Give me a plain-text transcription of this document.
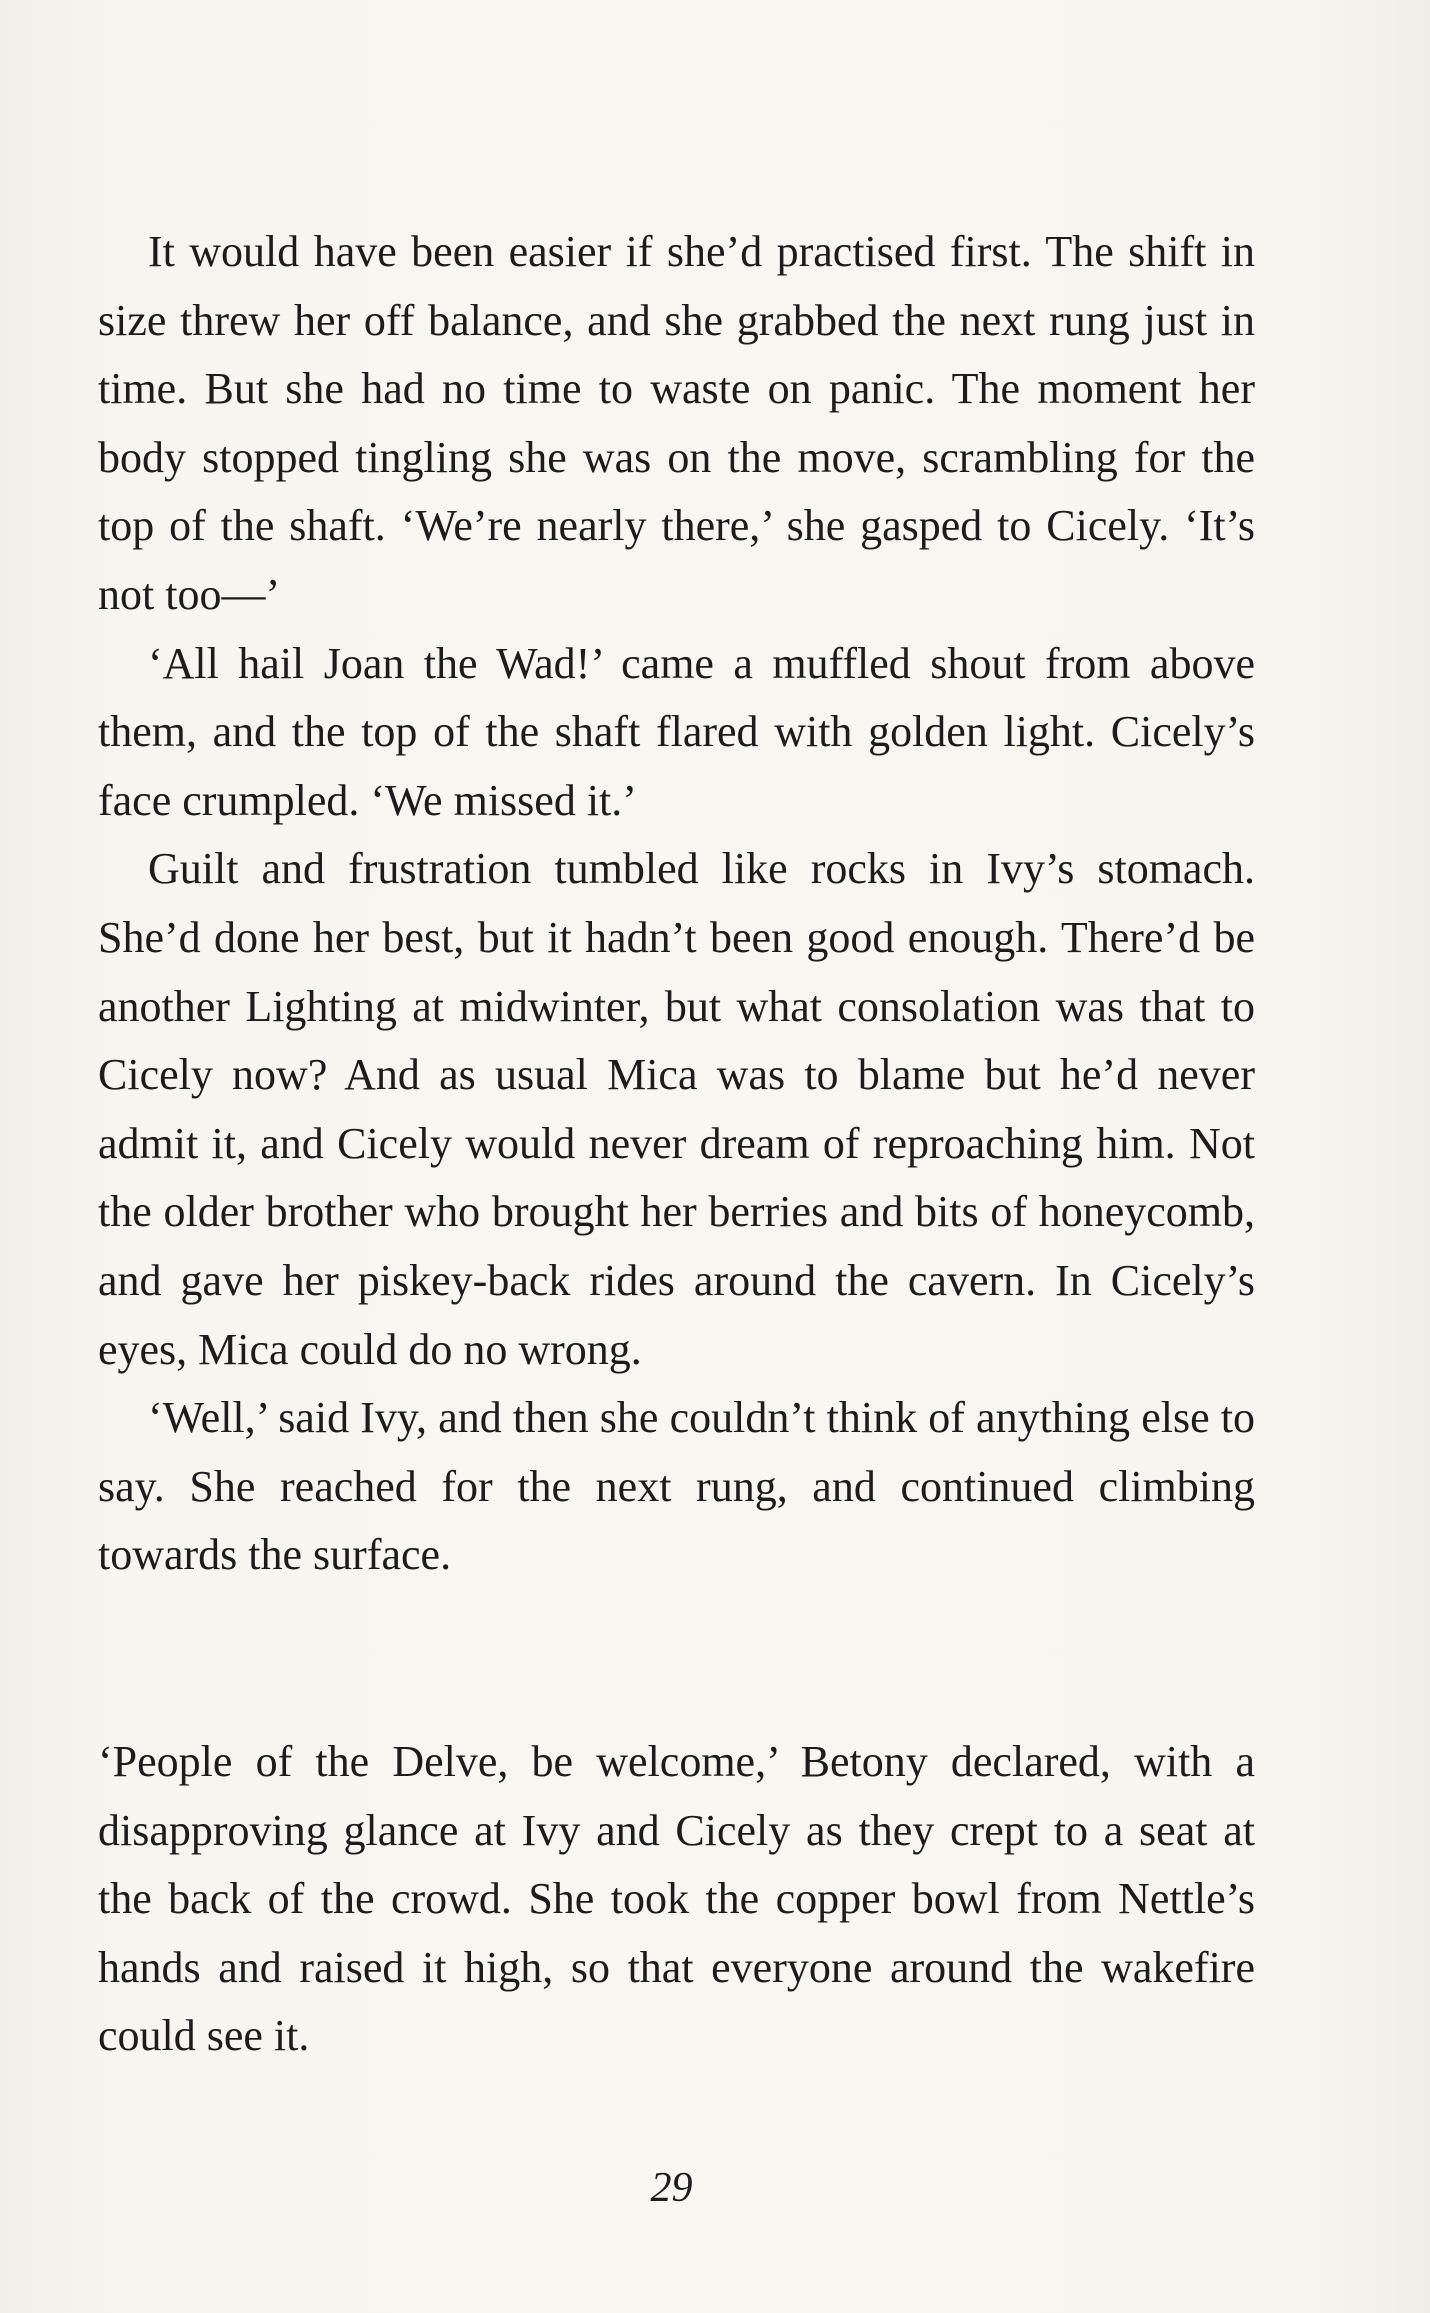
It would have been easier if she’d practised first. The shift in size threw her off balance, and she grabbed the next rung just in time. But she had no time to waste on panic. The moment her body stopped tingling she was on the move, scrambling for the top of the shaft. ‘We’re nearly there,’ she gasped to Cicely. ‘It’s not too—’

‘All hail Joan the Wad!’ came a muffled shout from above them, and the top of the shaft flared with golden light. Cicely’s face crumpled. ‘We missed it.’

Guilt and frustration tumbled like rocks in Ivy’s stomach. She’d done her best, but it hadn’t been good enough. There’d be another Lighting at midwinter, but what consolation was that to Cicely now? And as usual Mica was to blame but he’d never admit it, and Cicely would never dream of reproaching him. Not the older brother who brought her berries and bits of honeycomb, and gave her piskey-back rides around the cavern. In Cicely’s eyes, Mica could do no wrong.

‘Well,’ said Ivy, and then she couldn’t think of anything else to say. She reached for the next rung, and continued climbing towards the surface.

‘People of the Delve, be welcome,’ Betony declared, with a disapproving glance at Ivy and Cicely as they crept to a seat at the back of the crowd. She took the copper bowl from Nettle’s hands and raised it high, so that everyone around the wakefire could see it.

29
